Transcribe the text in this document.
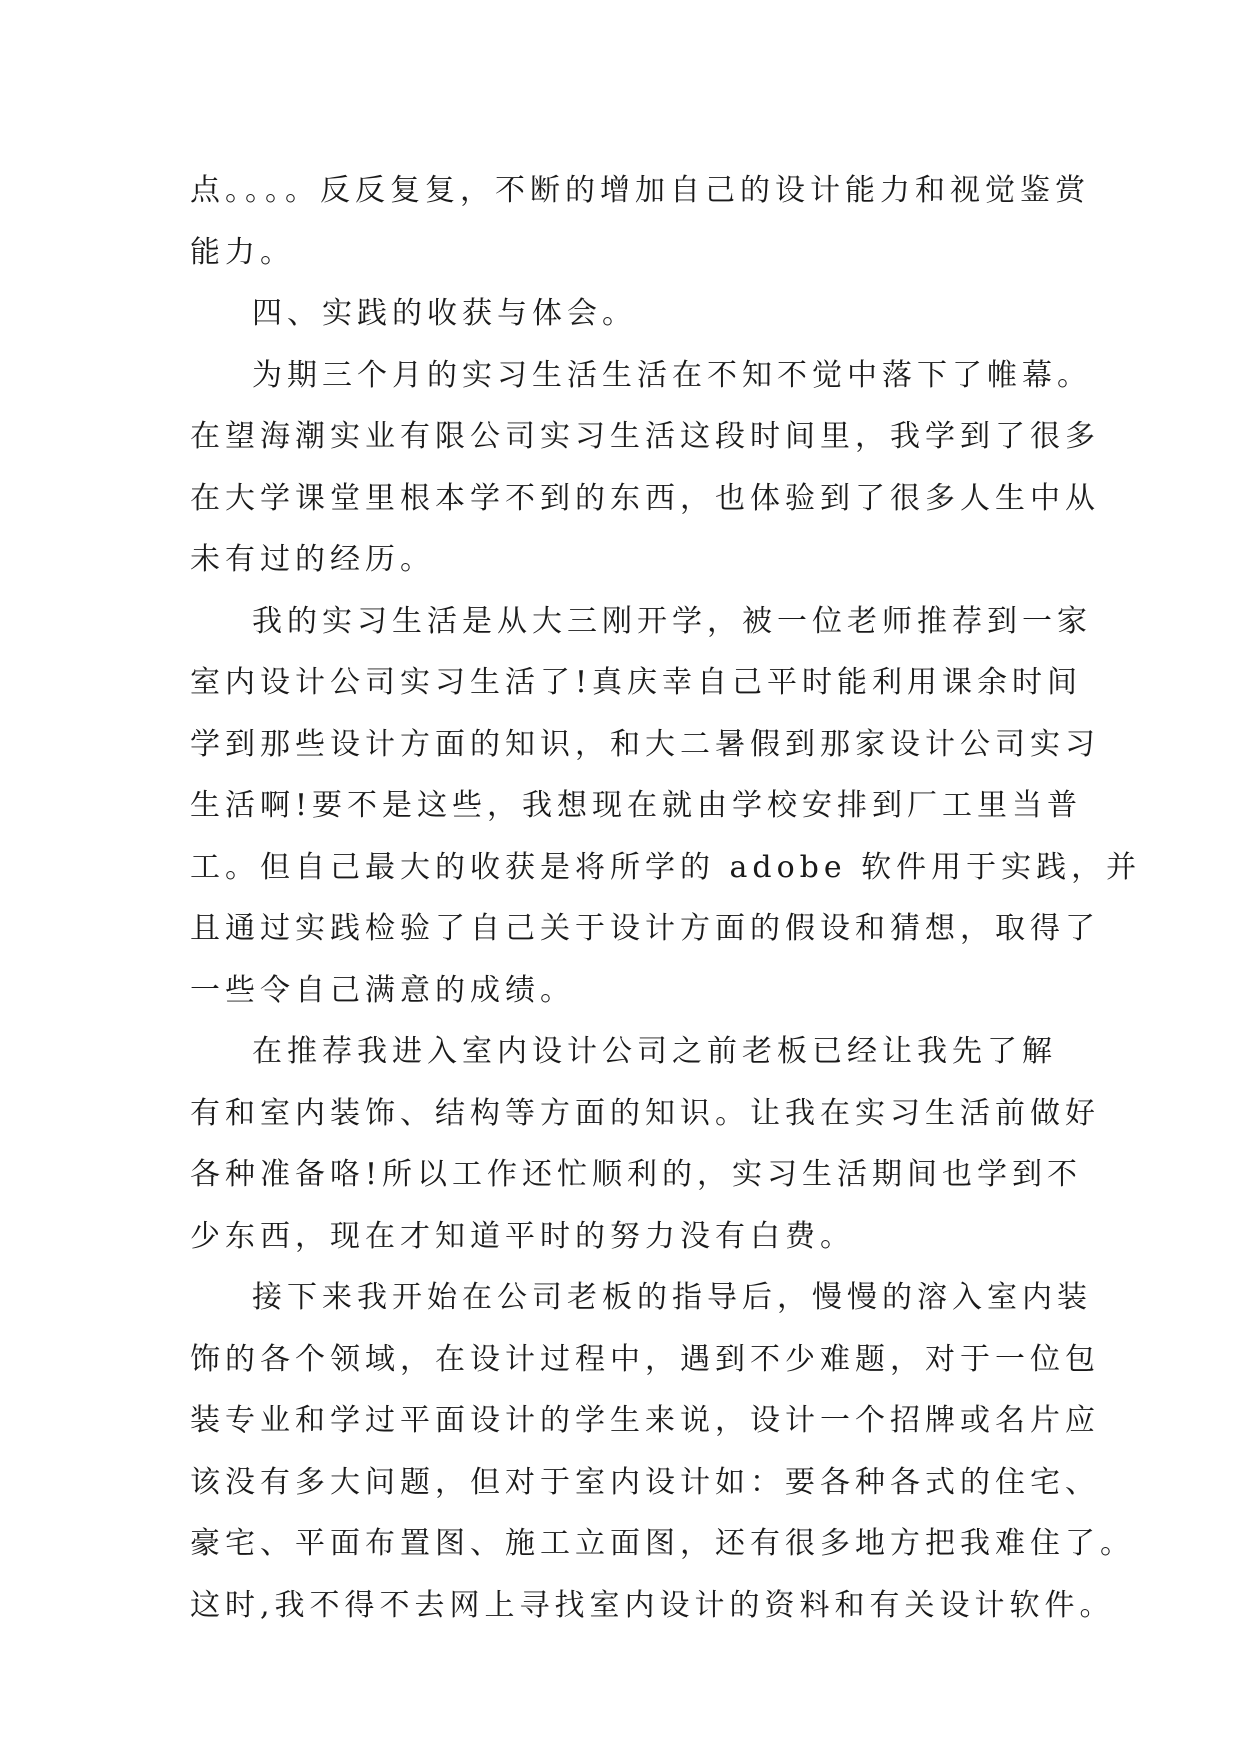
点。。。。反反复复，不断的增加自己的设计能力和视觉鉴赏
能力。
四、实践的收获与体会。
为期三个月的实习生活生活在不知不觉中落下了帷幕。
在望海潮实业有限公司实习生活这段时间里，我学到了很多
在大学课堂里根本学不到的东西，也体验到了很多人生中从
未有过的经历。
我的实习生活是从大三刚开学，被一位老师推荐到一家
室内设计公司实习生活了!真庆幸自己平时能利用课余时间
学到那些设计方面的知识，和大二暑假到那家设计公司实习
生活啊!要不是这些，我想现在就由学校安排到厂工里当普
工。但自己最大的收获是将所学的 adobe 软件用于实践，并
且通过实践检验了自己关于设计方面的假设和猜想，取得了
一些令自己满意的成绩。
在推荐我进入室内设计公司之前老板已经让我先了解
有和室内装饰、结构等方面的知识。让我在实习生活前做好
各种准备咯!所以工作还忙顺利的，实习生活期间也学到不
少东西，现在才知道平时的努力没有白费。
接下来我开始在公司老板的指导后，慢慢的溶入室内装
饰的各个领域，在设计过程中，遇到不少难题，对于一位包
装专业和学过平面设计的学生来说，设计一个招牌或名片应
该没有多大问题，但对于室内设计如：要各种各式的住宅、
豪宅、平面布置图、施工立面图，还有很多地方把我难住了。
这时,我不得不去网上寻找室内设计的资料和有关设计软件。
